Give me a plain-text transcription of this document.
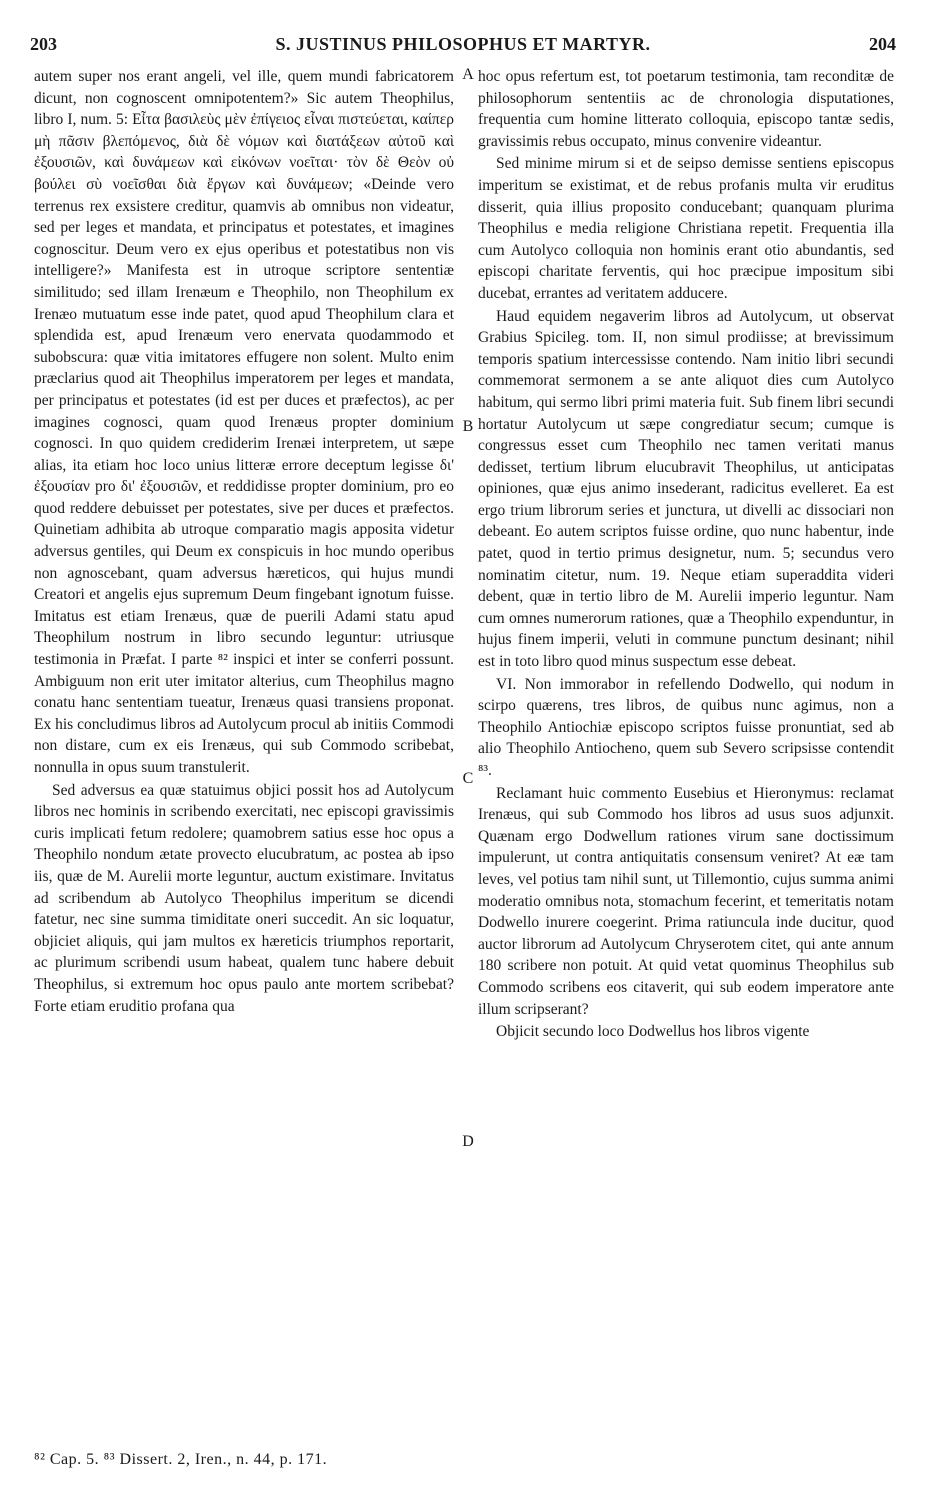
203	S. JUSTINUS PHILOSOPHUS ET MARTYR.	204

autem super nos erant angeli, vel ille, quem mundi fabricatorem dicunt, non cognoscent omnipotentem?» Sic autem Theophilus, libro I, num. 5: Εἶτα βασιλεὺς μὲν ἐπίγειος εἶναι πιστεύεται, καίπερ μὴ πᾶσιν βλεπόμενος, διὰ δὲ νόμων καὶ διατάξεων αὐτοῦ καὶ ἐξουσιῶν, καὶ δυνάμεων καὶ εἰκόνων νοεῖται· τὸν δὲ Θεὸν οὐ βούλει σὺ νοεῖσθαι διὰ ἔργων καὶ δυνάμεων; «Deinde vero terrenus rex exsistere creditur, quamvis ab omnibus non videatur, sed per leges et mandata, et principatus et potestates, et imagines cognoscitur. Deum vero ex ejus operibus et potestatibus non vis intelligere?» Manifesta est in utroque scriptore sententiæ similitudo; sed illam Irenæum e Theophilo, non Theophilum ex Irenæo mutuatum esse inde patet, quod apud Theophilum clara et splendida est, apud Irenæum vero enervata quodammodo et subobscura: quæ vitia imitatores effugere non solent. Multo enim præclarius quod ait Theophilus imperatorem per leges et mandata, per principatus et potestates (id est per duces et præfectos), ac per imagines cognosci, quam quod Irenæus propter dominium cognosci. In quo quidem crediderim Irenæi interpretem, ut sæpe alias, ita etiam hoc loco unius litteræ errore deceptum legisse δι' ἐξουσίαν pro δι' ἐξουσιῶν, et reddidisse propter dominium, pro eo quod reddere debuisset per potestates, sive per duces et præfectos. Quinetiam adhibita ab utroque comparatio magis apposita videtur adversus gentiles, qui Deum ex conspicuis in hoc mundo operibus non agnoscebant, quam adversus hæreticos, qui hujus mundi Creatori et angelis ejus supremum Deum fingebant ignotum fuisse. Imitatus est etiam Irenæus, quæ de puerili Adami statu apud Theophilum nostrum in libro secundo leguntur: utriusque testimonia in Præfat. I parte ⁸² inspici et inter se conferri possunt. Ambiguum non erit uter imitator alterius, cum Theophilus magno conatu hanc sententiam tueatur, Irenæus quasi transiens proponat. Ex his concludimus libros ad Autolycum procul ab initiis Commodi non distare, cum ex eis Irenæus, qui sub Commodo scribebat, nonnulla in opus suum transtulerit.

Sed adversus ea quæ statuimus objici possit hos ad Autolycum libros nec hominis in scribendo exercitati, nec episcopi gravissimis curis implicati fetum redolere; quamobrem satius esse hoc opus a Theophilo nondum ætate provecto elucubratum, ac postea ab ipso iis, quæ de M. Aurelii morte leguntur, auctum existimare. Invitatus ad scribendum ab Autolyco Theophilus imperitum se dicendi fatetur, nec sine summa timiditate oneri succedit. An sic loquatur, objiciet aliquis, qui jam multos ex hæreticis triumphos reportarit, ac plurimum scribendi usum habeat, qualem tunc habere debuit Theophilus, si extremum hoc opus paulo ante mortem scribebat? Forte etiam eruditio profana qua

A
B
C
D

hoc opus refertum est, tot poetarum testimonia, tam reconditæ de philosophorum sententiis ac de chronologia disputationes, frequentia cum homine litterato colloquia, episcopo tantæ sedis, gravissimis rebus occupato, minus convenire videantur.

Sed minime mirum si et de seipso demisse sentiens episcopus imperitum se existimat, et de rebus profanis multa vir eruditus disserit, quia illius proposito conducebant; quanquam plurima Theophilus e media religione Christiana repetit. Frequentia illa cum Autolyco colloquia non hominis erant otio abundantis, sed episcopi charitate ferventis, qui hoc præcipue impositum sibi ducebat, errantes ad veritatem adducere.

Haud equidem negaverim libros ad Autolycum, ut observat Grabius Spicileg. tom. II, non simul prodiisse; at brevissimum temporis spatium intercessisse contendo. Nam initio libri secundi commemorat sermonem a se ante aliquot dies cum Autolyco habitum, qui sermo libri primi materia fuit. Sub finem libri secundi hortatur Autolycum ut sæpe congrediatur secum; cumque is congressus esset cum Theophilo nec tamen veritati manus dedisset, tertium librum elucubravit Theophilus, ut anticipatas opiniones, quæ ejus animo insederant, radicitus evelleret. Ea est ergo trium librorum series et junctura, ut divelli ac dissociari non debeant. Eo autem scriptos fuisse ordine, quo nunc habentur, inde patet, quod in tertio primus designetur, num. 5; secundus vero nominatim citetur, num. 19. Neque etiam superaddita videri debent, quæ in tertio libro de M. Aurelii imperio leguntur. Nam cum omnes numerorum rationes, quæ a Theophilo expenduntur, in hujus finem imperii, veluti in commune punctum desinant; nihil est in toto libro quod minus suspectum esse debeat.

VI. Non immorabor in refellendo Dodwello, qui nodum in scirpo quærens, tres libros, de quibus nunc agimus, non a Theophilo Antiochiæ episcopo scriptos fuisse pronuntiat, sed ab alio Theophilo Antiocheno, quem sub Severo scripsisse contendit ⁸³.

Reclamant huic commento Eusebius et Hieronymus: reclamat Irenæus, qui sub Commodo hos libros ad usus suos adjunxit. Quænam ergo Dodwellum rationes virum sane doctissimum impulerunt, ut contra antiquitatis consensum veniret? At eæ tam leves, vel potius tam nihil sunt, ut Tillemontio, cujus summa animi moderatio omnibus nota, stomachum fecerint, et temeritatis notam Dodwello inurere coegerint. Prima ratiuncula inde ducitur, quod auctor librorum ad Autolycum Chryserotem citet, qui ante annum 180 scribere non potuit. At quid vetat quominus Theophilus sub Commodo scribens eos citaverit, qui sub eodem imperatore ante illum scripserant?

Objicit secundo loco Dodwellus hos libros vigente

⁸² Cap. 5. ⁸³ Dissert. 2, Iren., n. 44, p. 171.
